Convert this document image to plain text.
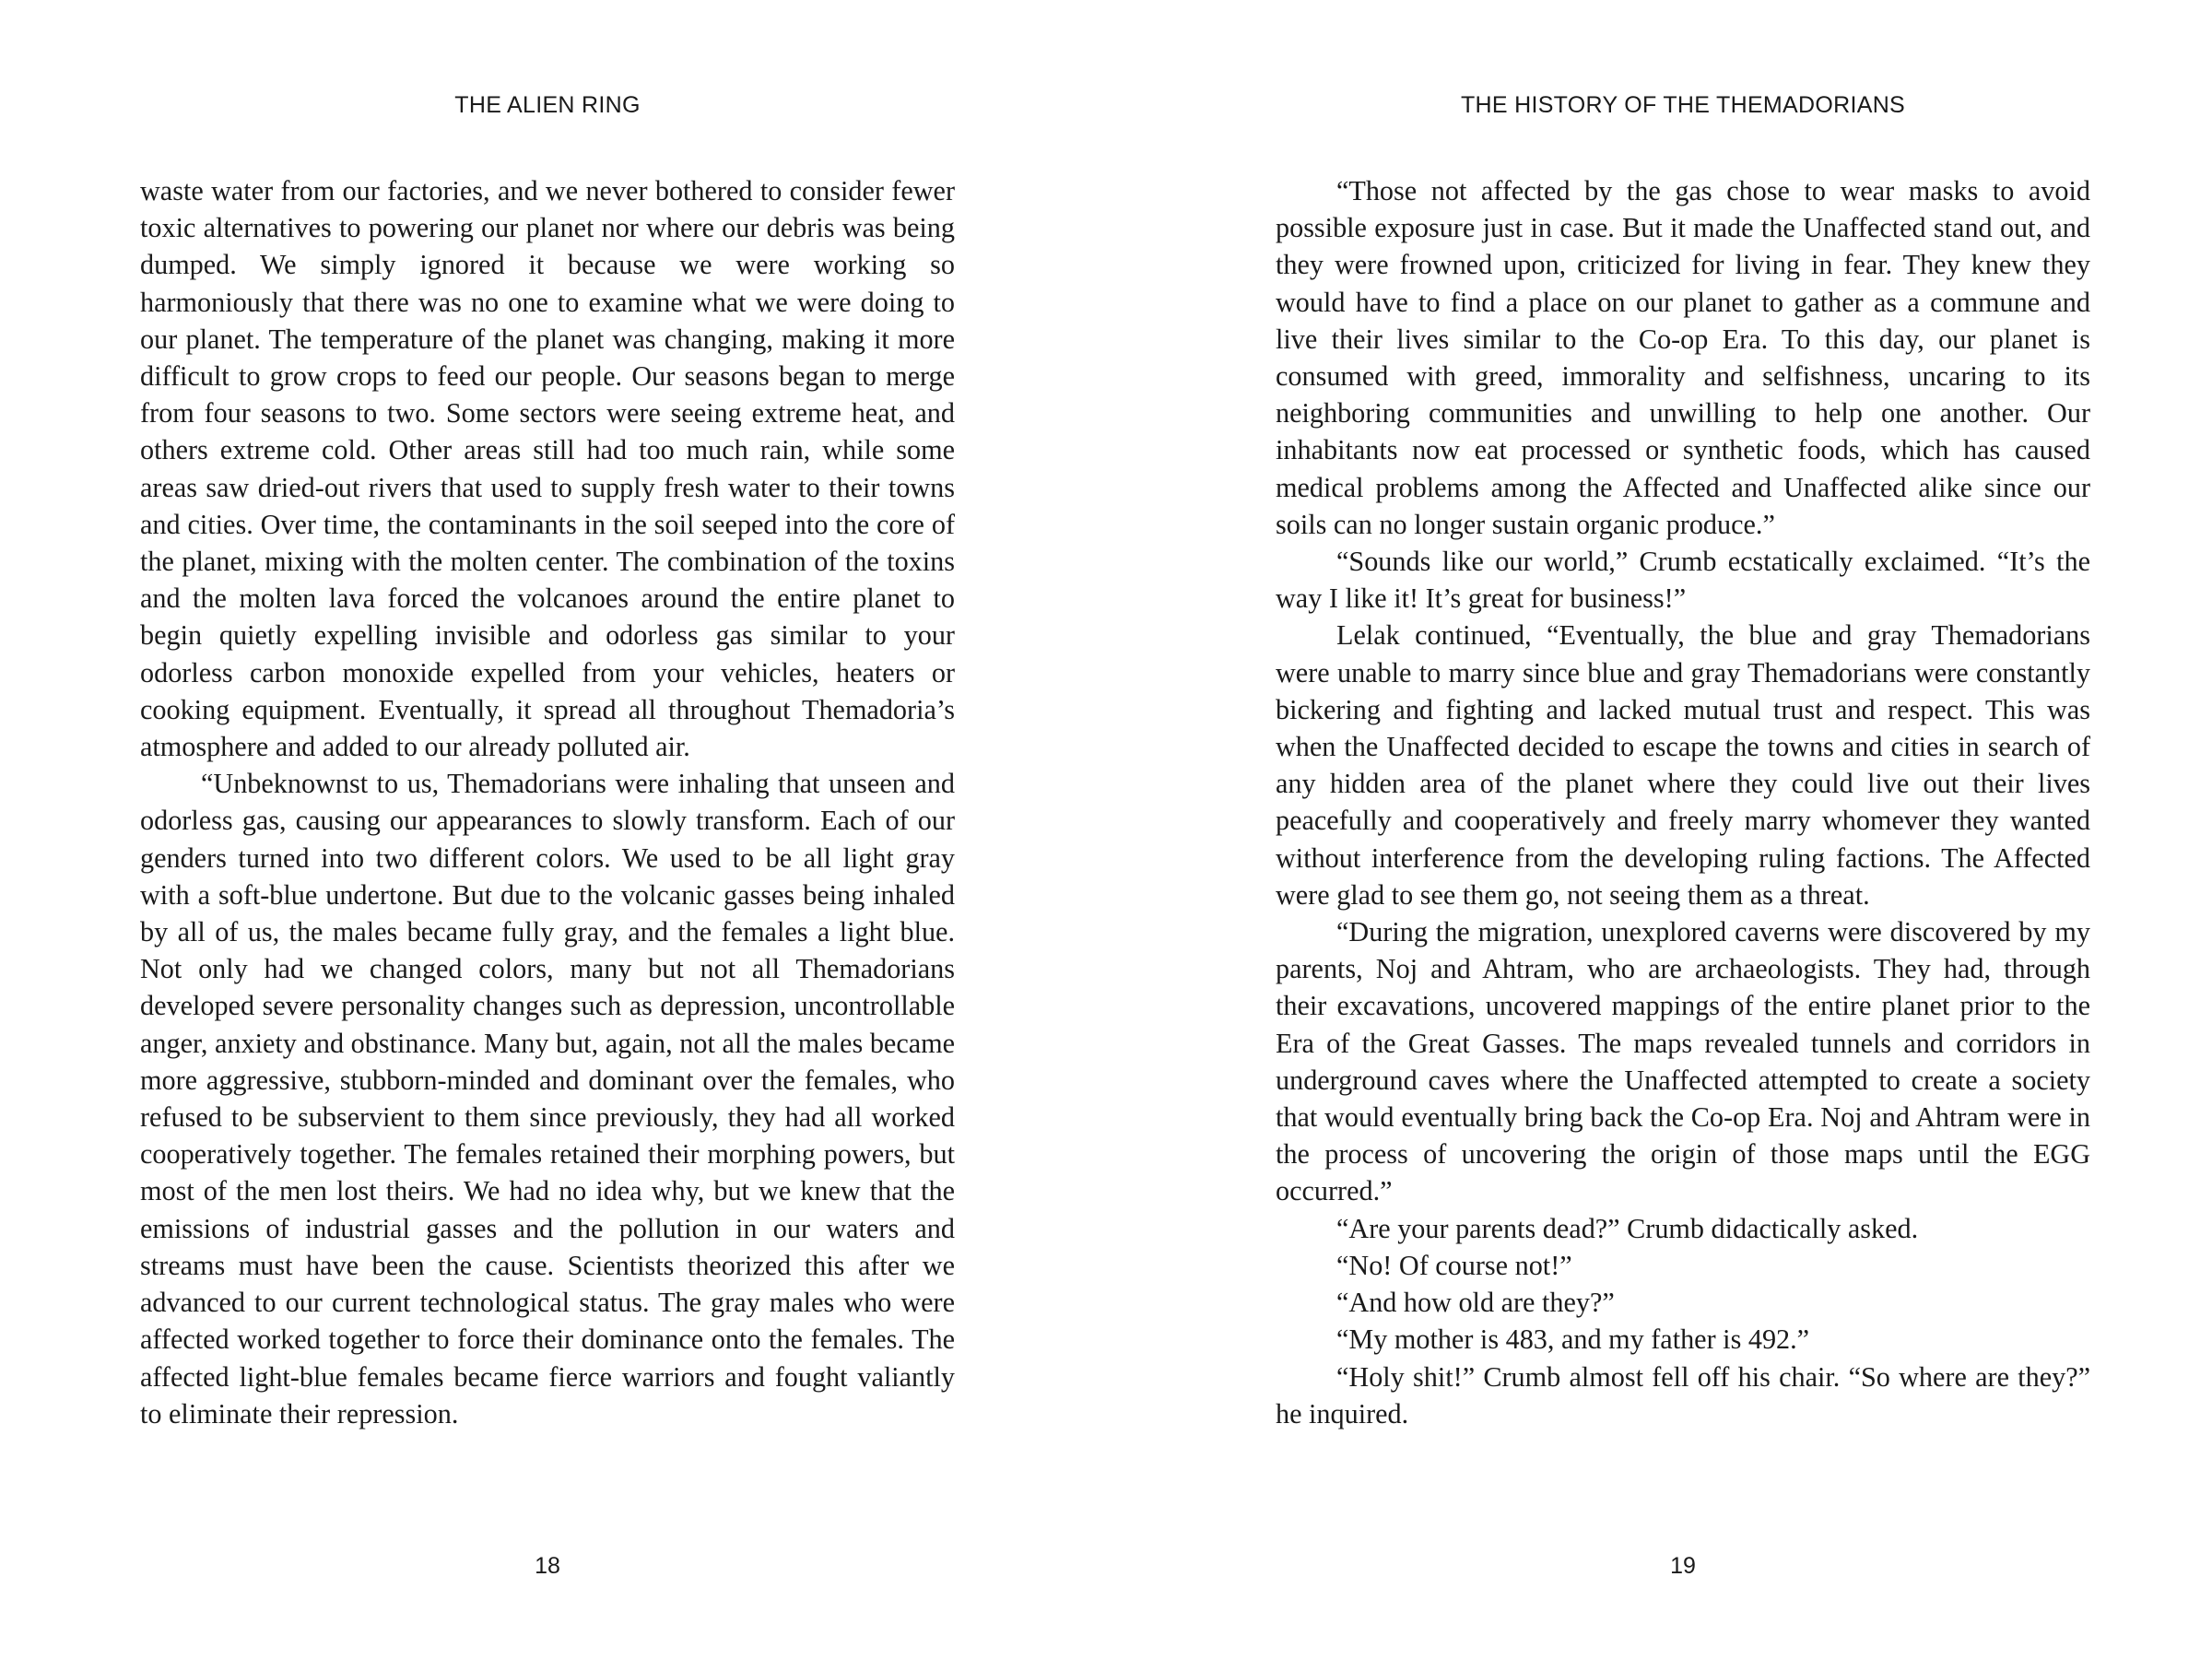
THE ALIEN RING

waste water from our factories, and we never bothered to consider fewer toxic alternatives to powering our planet nor where our debris was being dumped. We simply ignored it because we were working so harmoniously that there was no one to examine what we were doing to our planet. The temperature of the planet was changing, making it more difficult to grow crops to feed our people. Our seasons began to merge from four seasons to two. Some sectors were seeing extreme heat, and others extreme cold. Other areas still had too much rain, while some areas saw dried-out rivers that used to supply fresh water to their towns and cities. Over time, the contaminants in the soil seeped into the core of the planet, mixing with the molten center. The combination of the toxins and the molten lava forced the volcanoes around the entire planet to begin quietly expelling invisible and odorless gas similar to your odorless carbon monoxide expelled from your vehicles, heaters or cooking equipment. Eventually, it spread all throughout Themadoria’s atmosphere and added to our already polluted air.

“Unbeknownst to us, Themadorians were inhaling that unseen and odorless gas, causing our appearances to slowly transform. Each of our genders turned into two different colors. We used to be all light gray with a soft-blue undertone. But due to the volcanic gasses being inhaled by all of us, the males became fully gray, and the females a light blue. Not only had we changed colors, many but not all Themadorians developed severe personality changes such as depression, uncontrollable anger, anxiety and obstinance. Many but, again, not all the males became more aggressive, stubborn-minded and dominant over the females, who refused to be subservient to them since previously, they had all worked cooperatively together. The females retained their morphing powers, but most of the men lost theirs. We had no idea why, but we knew that the emissions of industrial gasses and the pollution in our waters and streams must have been the cause. Scientists theorized this after we advanced to our current technological status. The gray males who were affected worked together to force their dominance onto the females. The affected light-blue females became fierce warriors and fought valiantly to eliminate their repression.

18
THE HISTORY OF THE THEMADORIANS

“Those not affected by the gas chose to wear masks to avoid possible exposure just in case. But it made the Unaffected stand out, and they were frowned upon, criticized for living in fear. They knew they would have to find a place on our planet to gather as a commune and live their lives similar to the Co-op Era. To this day, our planet is consumed with greed, immorality and selfishness, uncaring to its neighboring communities and unwilling to help one another. Our inhabitants now eat processed or synthetic foods, which has caused medical problems among the Affected and Unaffected alike since our soils can no longer sustain organic produce.”

“Sounds like our world,” Crumb ecstatically exclaimed. “It’s the way I like it! It’s great for business!”

Lelak continued, “Eventually, the blue and gray Themadorians were unable to marry since blue and gray Themadorians were constantly bickering and fighting and lacked mutual trust and respect. This was when the Unaffected decided to escape the towns and cities in search of any hidden area of the planet where they could live out their lives peacefully and cooperatively and freely marry whomever they wanted without interference from the developing ruling factions. The Affected were glad to see them go, not seeing them as a threat.

“During the migration, unexplored caverns were discovered by my parents, Noj and Ahtram, who are archaeologists. They had, through their excavations, uncovered mappings of the entire planet prior to the Era of the Great Gasses. The maps revealed tunnels and corridors in underground caves where the Unaffected attempted to create a society that would eventually bring back the Co-op Era. Noj and Ahtram were in the process of uncovering the origin of those maps until the EGG occurred.”

“Are your parents dead?” Crumb didactically asked.

“No! Of course not!”

“And how old are they?”

“My mother is 483, and my father is 492.”

“Holy shit!” Crumb almost fell off his chair. “So where are they?” he inquired.

19
